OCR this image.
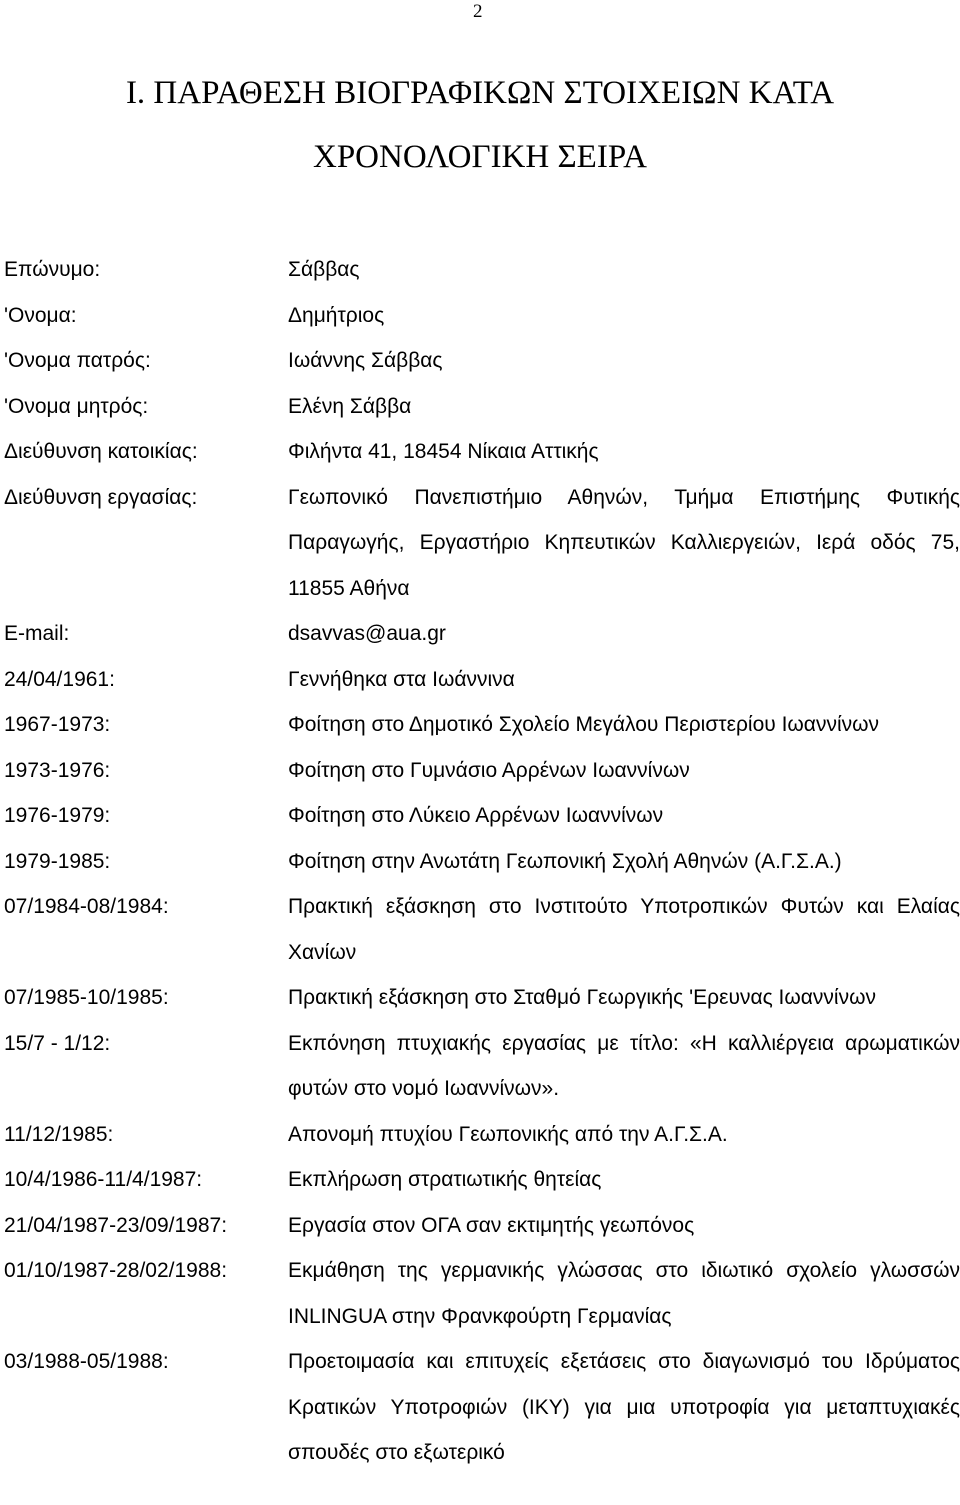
2
Ι. ΠΑΡΑΘΕΣΗ ΒΙΟΓΡΑΦΙΚΩΝ ΣΤΟΙΧΕΙΩΝ ΚΑΤΑ
ΧΡΟΝΟΛΟΓΙΚΗ ΣΕΙΡΑ
Επώνυμο:	Σάββας
'Ονομα:	Δημήτριος
'Ονομα πατρός:	Ιωάννης Σάββας
'Ονομα μητρός:	Ελένη Σάββα
Διεύθυνση κατοικίας:	Φιλήντα 41, 18454 Νίκαια Αττικής
Διεύθυνση εργασίας:	Γεωπονικό Πανεπιστήμιο Αθηνών, Τμήμα Επιστήμης Φυτικής Παραγωγής, Εργαστήριο Κηπευτικών Καλλιεργειών, Ιερά οδός 75, 11855 Αθήνα
E-mail:	dsavvas@aua.gr
24/04/1961:	Γεννήθηκα στα Ιωάννινα
1967-1973:	Φοίτηση στο Δημοτικό Σχολείο Μεγάλου Περιστερίου Ιωαννίνων
1973-1976:	Φοίτηση στο Γυμνάσιο Αρρένων Ιωαννίνων
1976-1979:	Φοίτηση στο Λύκειο Αρρένων Ιωαννίνων
1979-1985:	Φοίτηση στην Ανωτάτη Γεωπονική Σχολή Αθηνών (Α.Γ.Σ.Α.)
07/1984-08/1984:	Πρακτική εξάσκηση στο Ινστιτούτο Υποτροπικών Φυτών και Ελαίας Χανίων
07/1985-10/1985:	Πρακτική εξάσκηση στο Σταθμό Γεωργικής 'Ερευνας Ιωαννίνων
15/7 - 1/12:	Εκπόνηση πτυχιακής εργασίας με τίτλο: «Η καλλιέργεια αρωματικών φυτών στο νομό Ιωαννίνων».
11/12/1985:	Απονομή πτυχίου Γεωπονικής από την Α.Γ.Σ.Α.
10/4/1986-11/4/1987:	Εκπλήρωση στρατιωτικής θητείας
21/04/1987-23/09/1987:	Εργασία στον ΟΓΑ σαν εκτιμητής γεωπόνος
01/10/1987-28/02/1988:	Εκμάθηση της γερμανικής γλώσσας στο ιδιωτικό σχολείο γλωσσών INLINGUA στην Φρανκφούρτη Γερμανίας
03/1988-05/1988:	Προετοιμασία και επιτυχείς εξετάσεις στο διαγωνισμό του Ιδρύματος Κρατικών Υποτροφιών (ΙΚΥ) για μια υποτροφία για μεταπτυχιακές σπουδές στο εξωτερικό
